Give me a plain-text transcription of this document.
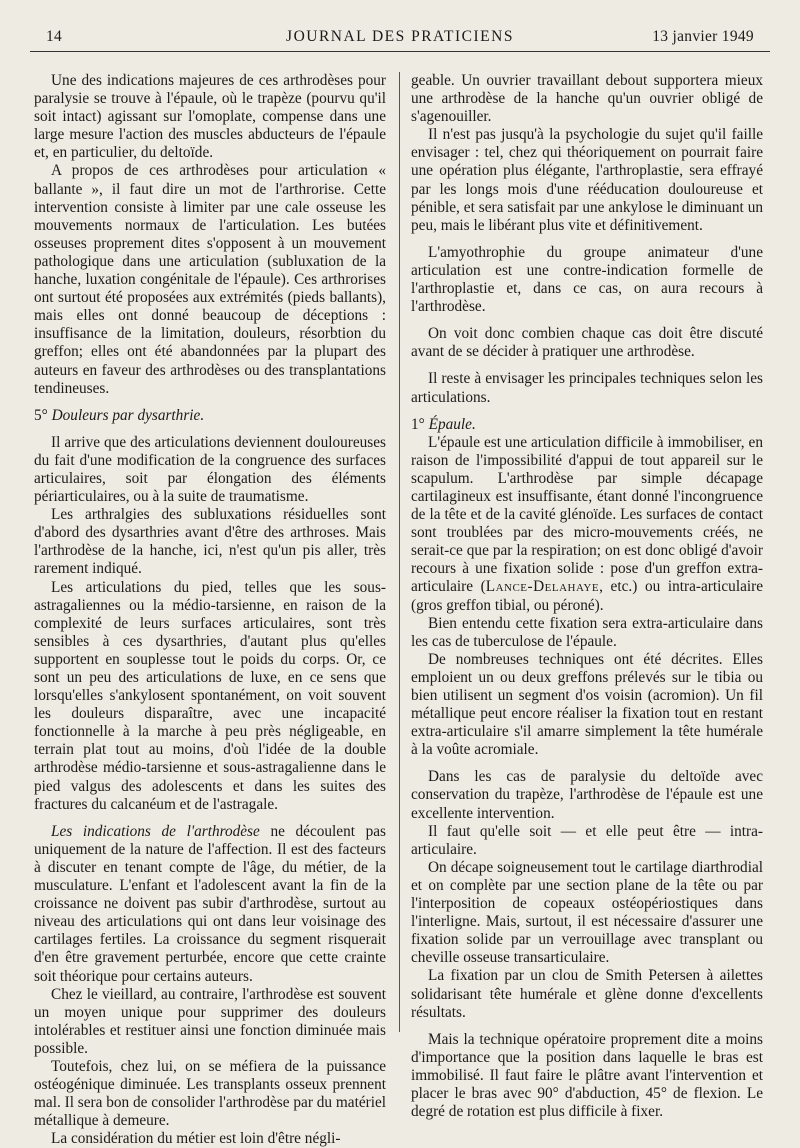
14	JOURNAL DES PRATICIENS	13 janvier 1949

Une des indications majeures de ces arthrodèses pour paralysie se trouve à l'épaule, où le trapèze (pourvu qu'il soit intact) agissant sur l'omoplate, compense dans une large mesure l'action des muscles abducteurs de l'épaule et, en particulier, du deltoïde.

A propos de ces arthrodèses pour articulation « ballante », il faut dire un mot de l'arthrorise. Cette intervention consiste à limiter par une cale osseuse les mouvements normaux de l'articulation. Les butées osseuses proprement dites s'opposent à un mouvement pathologique dans une articulation (subluxation de la hanche, luxation congénitale de l'épaule). Ces arthrorises ont surtout été proposées aux extrémités (pieds ballants), mais elles ont donné beaucoup de déceptions : insuffisance de la limitation, douleurs, résorbtion du greffon; elles ont été abandonnées par la plupart des auteurs en faveur des arthrodèses ou des transplantations tendineuses.

5° Douleurs par dysarthrie.

Il arrive que des articulations deviennent douloureuses du fait d'une modification de la congruence des surfaces articulaires, soit par élongation des éléments périarticulaires, ou à la suite de traumatisme.

Les arthralgies des subluxations résiduelles sont d'abord des dysarthries avant d'être des arthroses. Mais l'arthrodèse de la hanche, ici, n'est qu'un pis aller, très rarement indiqué.

Les articulations du pied, telles que les sous-astragaliennes ou la médio-tarsienne, en raison de la complexité de leurs surfaces articulaires, sont très sensibles à ces dysarthries, d'autant plus qu'elles supportent en souplesse tout le poids du corps. Or, ce sont un peu des articulations de luxe, en ce sens que lorsqu'elles s'ankylosent spontanément, on voit souvent les douleurs disparaître, avec une incapacité fonctionnelle à la marche à peu près négligeable, en terrain plat tout au moins, d'où l'idée de la double arthrodèse médio-tarsienne et sous-astragalienne dans le pied valgus des adolescents et dans les suites des fractures du calcanéum et de l'astragale.

Les indications de l'arthrodèse ne découlent pas uniquement de la nature de l'affection. Il est des facteurs à discuter en tenant compte de l'âge, du métier, de la musculature. L'enfant et l'adolescent avant la fin de la croissance ne doivent pas subir d'arthrodèse, surtout au niveau des articulations qui ont dans leur voisinage des cartilages fertiles. La croissance du segment risquerait d'en être gravement perturbée, encore que cette crainte soit théorique pour certains auteurs.

Chez le vieillard, au contraire, l'arthrodèse est souvent un moyen unique pour supprimer des douleurs intolérables et restituer ainsi une fonction diminuée mais possible.

Toutefois, chez lui, on se méfiera de la puissance ostéogénique diminuée. Les transplants osseux prennent mal. Il sera bon de consolider l'arthrodèse par du matériel métallique à demeure.

La considération du métier est loin d'être négli-

geable. Un ouvrier travaillant debout supportera mieux une arthrodèse de la hanche qu'un ouvrier obligé de s'agenouiller.

Il n'est pas jusqu'à la psychologie du sujet qu'il faille envisager : tel, chez qui théoriquement on pourrait faire une opération plus élégante, l'arthroplastie, sera effrayé par les longs mois d'une rééducation douloureuse et pénible, et sera satisfait par une ankylose le diminuant un peu, mais le libérant plus vite et définitivement.

L'amyothrophie du groupe animateur d'une articulation est une contre-indication formelle de l'arthroplastie et, dans ce cas, on aura recours à l'arthrodèse.

On voit donc combien chaque cas doit être discuté avant de se décider à pratiquer une arthrodèse.

Il reste à envisager les principales techniques selon les articulations.

1° Épaule.

L'épaule est une articulation difficile à immobiliser, en raison de l'impossibilité d'appui de tout appareil sur le scapulum. L'arthrodèse par simple décapage cartilagineux est insuffisante, étant donné l'incongruence de la tête et de la cavité glénoïde. Les surfaces de contact sont troublées par des micro-mouvements créés, ne serait-ce que par la respiration; on est donc obligé d'avoir recours à une fixation solide : pose d'un greffon extra-articulaire (Lance-Delahaye, etc.) ou intra-articulaire (gros greffon tibial, ou péroné).

Bien entendu cette fixation sera extra-articulaire dans les cas de tuberculose de l'épaule.

De nombreuses techniques ont été décrites. Elles emploient un ou deux greffons prélevés sur le tibia ou bien utilisent un segment d'os voisin (acromion). Un fil métallique peut encore réaliser la fixation tout en restant extra-articulaire s'il amarre simplement la tête humérale à la voûte acromiale.

Dans les cas de paralysie du deltoïde avec conservation du trapèze, l'arthrodèse de l'épaule est une excellente intervention.

Il faut qu'elle soit — et elle peut être — intra-articulaire.

On décape soigneusement tout le cartilage diarthrodial et on complète par une section plane de la tête ou par l'interposition de copeaux ostéopériostiques dans l'interligne. Mais, surtout, il est nécessaire d'assurer une fixation solide par un verrouillage avec transplant ou cheville osseuse transarticulaire.

La fixation par un clou de Smith Petersen à ailettes solidarisant tête humérale et glène donne d'excellents résultats.

Mais la technique opératoire proprement dite a moins d'importance que la position dans laquelle le bras est immobilisé. Il faut faire le plâtre avant l'intervention et placer le bras avec 90° d'abduction, 45° de flexion. Le degré de rotation est plus difficile à fixer.
